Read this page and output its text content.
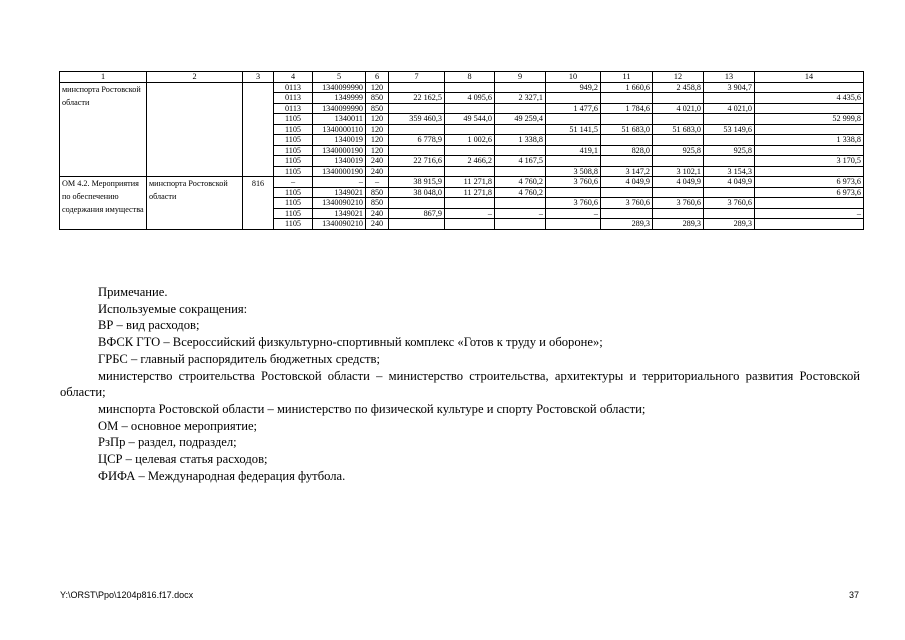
1	2	3	4	5	6	7	8	9	10	11	12	13	14
минспорта Ростовской области			0113	1340099990	120				949,2	1 660,6	2 458,8	3 904,7	
			0113	1349999	850	22 162,5	4 095,6	2 327,1					4 435,6
			0113	1340099990	850				1 477,6	1 784,6	4 021,0	4 021,0	
			1105	1340011	120	359 460,3	49 544,0	49 259,4					52 999,8
			1105	1340000110	120				51 141,5	51 683,0	51 683,0	53 149,6	
			1105	1340019	120	6 778,9	1 002,6	1 338,8					1 338,8
			1105	1340000190	120				419,1	828,0	925,8	925,8	
			1105	1340019	240	22 716,6	2 466,2	4 167,5					3 170,5
			1105	1340000190	240				3 508,8	3 147,2	3 102,1	3 154,3	
ОМ 4.2. Мероприятия по обеспечению содержания имущества	минспорта Ростовской области	816	–	–	–	38 915,9	11 271,8	4 760,2	3 760,6	4 049,9	4 049,9	4 049,9	6 973,6
			1105	1349021	850	38 048,0	11 271,8	4 760,2					6 973,6
			1105	1340090210	850				3 760,6	3 760,6	3 760,6	3 760,6	
			1105	1349021	240	867,9	–	–	–				–
			1105	1340090210	240					289,3	289,3	289,3	

Примечание.

Используемые сокращения:

ВР – вид расходов;

ВФСК ГТО – Всероссийский физкультурно-спортивный комплекс «Готов к труду и обороне»;

ГРБС – главный распорядитель бюджетных средств;

министерство строительства Ростовской области – министерство строительства, архитектуры и территориального развития Ростовской области;

минспорта Ростовской области – министерство по физической культуре и спорту Ростовской области;

ОМ – основное мероприятие;

РзПр – раздел, подраздел;

ЦСР – целевая статья расходов;

ФИФА – Международная федерация футбола.

Y:\ORST\Ppo\1204p816.f17.docx	37
